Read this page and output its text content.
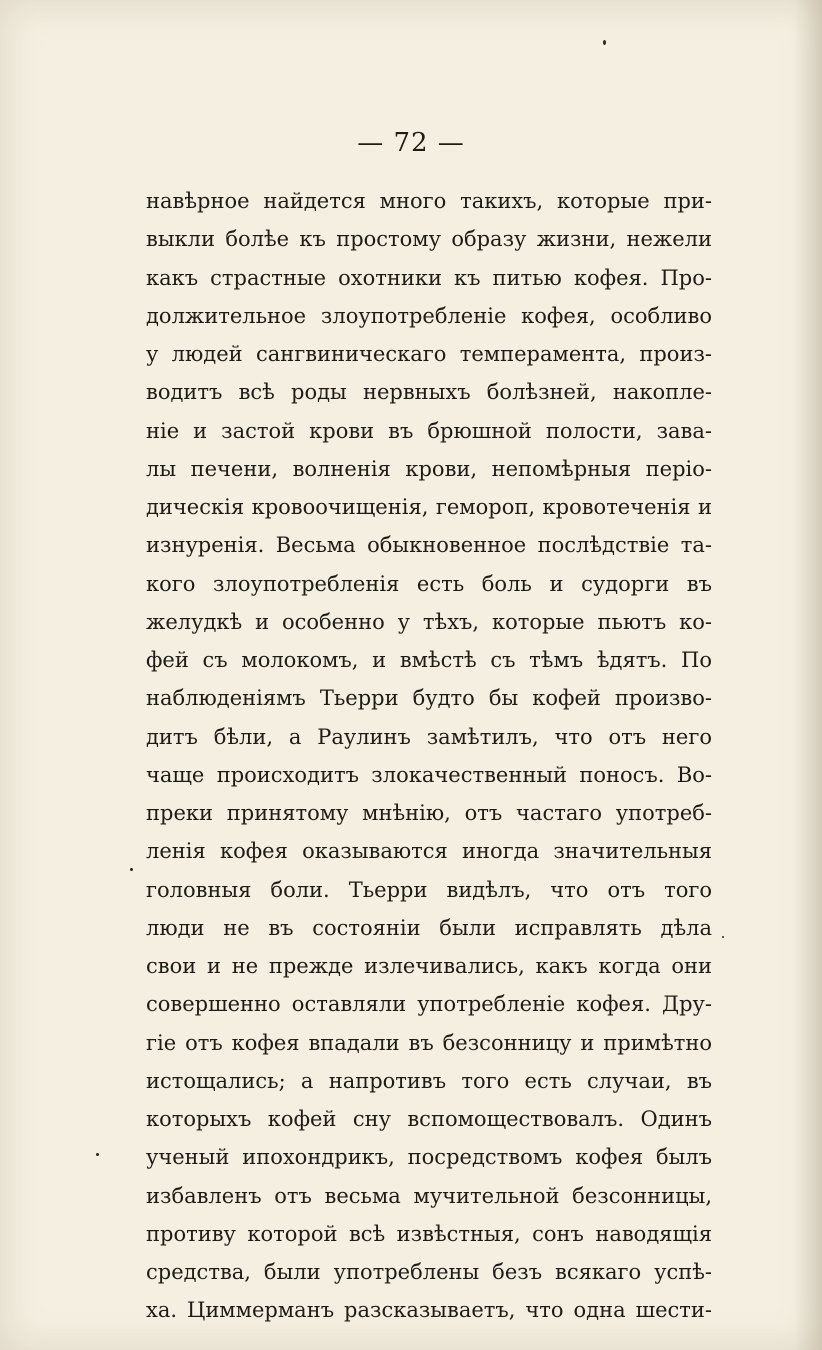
— 72 —
навѣрное найдется много такихъ, которые при-
выкли болѣе къ простому образу жизни, нежели
какъ страстные охотники къ питью кофея. Про-
должительное злоупотребленіе кофея, особливо
у людей сангвиническаго темперамента, произ-
водитъ всѣ роды нервныхъ болѣзней, накопле-
ніе и застой крови въ брюшной полости, зава-
лы печени, волненія крови, непомѣрныя періо-
дическія кровоочищенія, гемороп, кровотеченія и
изнуренія. Весьма обыкновенное послѣдствіе та-
кого злоупотребленія есть боль и судорги въ
желудкѣ и особенно у тѣхъ, которые пьютъ ко-
фей съ молокомъ, и вмѣстѣ съ тѣмъ ѣдятъ. По
наблюденіямъ Тьерри будто бы кофей произво-
дитъ бѣли, а Раулинъ замѣтилъ, что отъ него
чаще происходитъ злокачественный поносъ. Во-
преки принятому мнѣнію, отъ частаго употреб-
ленія кофея оказываются иногда значительныя
головныя боли. Тьерри видѣлъ, что отъ того
люди не въ состояніи были исправлять дѣла
свои и не прежде излечивались, какъ когда они
совершенно оставляли употребленіе кофея. Дру-
гіе отъ кофея впадали въ безсонницу и примѣтно
истощались; а напротивъ того есть случаи, въ
которыхъ кофей сну вспомоществовалъ. Одинъ
ученый ипохондрикъ, посредствомъ кофея былъ
избавленъ отъ весьма мучительной безсонницы,
противу которой всѣ извѣстныя, сонъ наводящія
средства, были употреблены безъ всякаго успѣ-
ха. Циммерманъ разсказываетъ, что одна шести-
